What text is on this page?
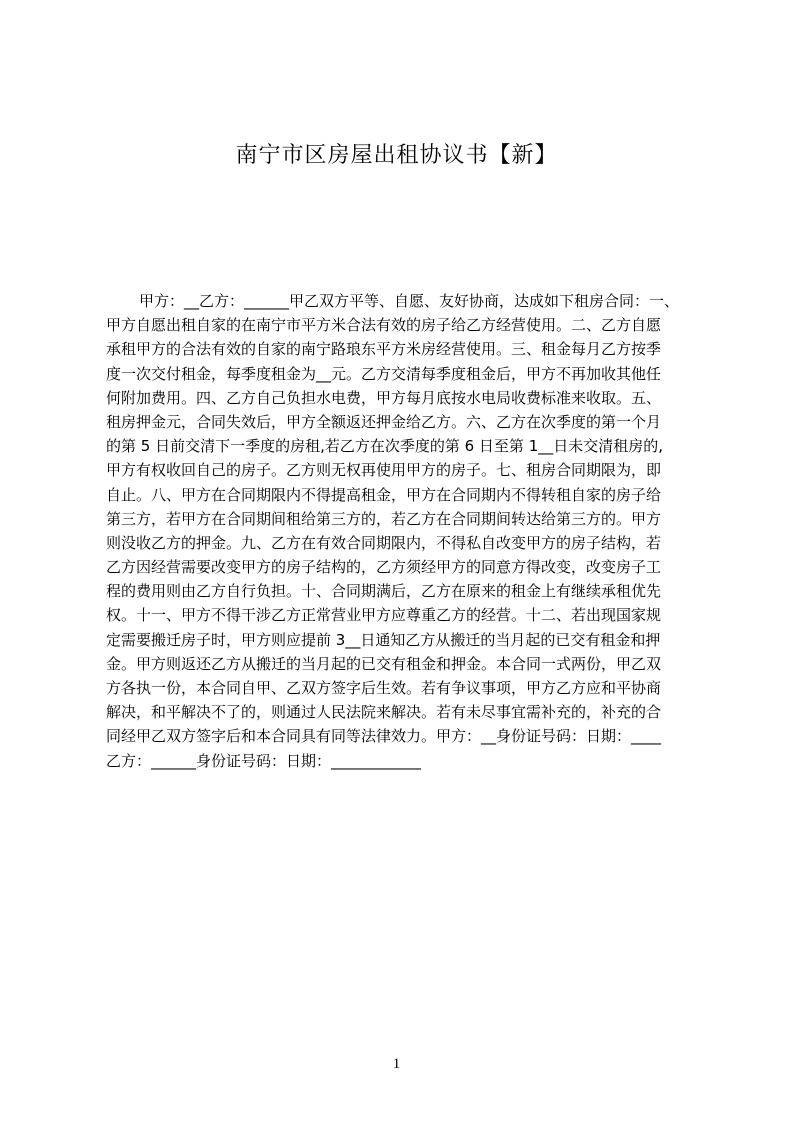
南宁市区房屋出租协议书【新】
甲方：__乙方：______甲乙双方平等、自愿、友好协商，达成如下租房合同：一、
甲方自愿出租自家的在南宁市平方米合法有效的房子给乙方经营使用。二、乙方自愿
承租甲方的合法有效的自家的南宁路琅东平方米房经营使用。三、租金每月乙方按季
度一次交付租金，每季度租金为__元。乙方交清每季度租金后，甲方不再加收其他任
何附加费用。四、乙方自己负担水电费，甲方每月底按水电局收费标准来收取。五、
租房押金元，合同失效后，甲方全额返还押金给乙方。六、乙方在次季度的第一个月
的第 5 日前交清下一季度的房租,若乙方在次季度的第 6 日至第 1__日未交清租房的,
甲方有权收回自己的房子。乙方则无权再使用甲方的房子。七、租房合同期限为，即
自止。八、甲方在合同期限内不得提高租金，甲方在合同期内不得转租自家的房子给
第三方，若甲方在合同期间租给第三方的，若乙方在合同期间转达给第三方的。甲方
则没收乙方的押金。九、乙方在有效合同期限内，不得私自改变甲方的房子结构，若
乙方因经营需要改变甲方的房子结构的，乙方须经甲方的同意方得改变，改变房子工
程的费用则由乙方自行负担。十、合同期满后，乙方在原来的租金上有继续承租优先
权。十一、甲方不得干涉乙方正常营业甲方应尊重乙方的经营。十二、若出现国家规
定需要搬迁房子时，甲方则应提前 3__日通知乙方从搬迁的当月起的已交有租金和押
金。甲方则返还乙方从搬迁的当月起的已交有租金和押金。本合同一式两份，甲乙双
方各执一份，本合同自甲、乙双方签字后生效。若有争议事项，甲方乙方应和平协商
解决，和平解决不了的，则通过人民法院来解决。若有未尽事宜需补充的，补充的合
同经甲乙双方签字后和本合同具有同等法律效力。甲方：__身份证号码：日期：____
乙方：______身份证号码：日期：____________
1
